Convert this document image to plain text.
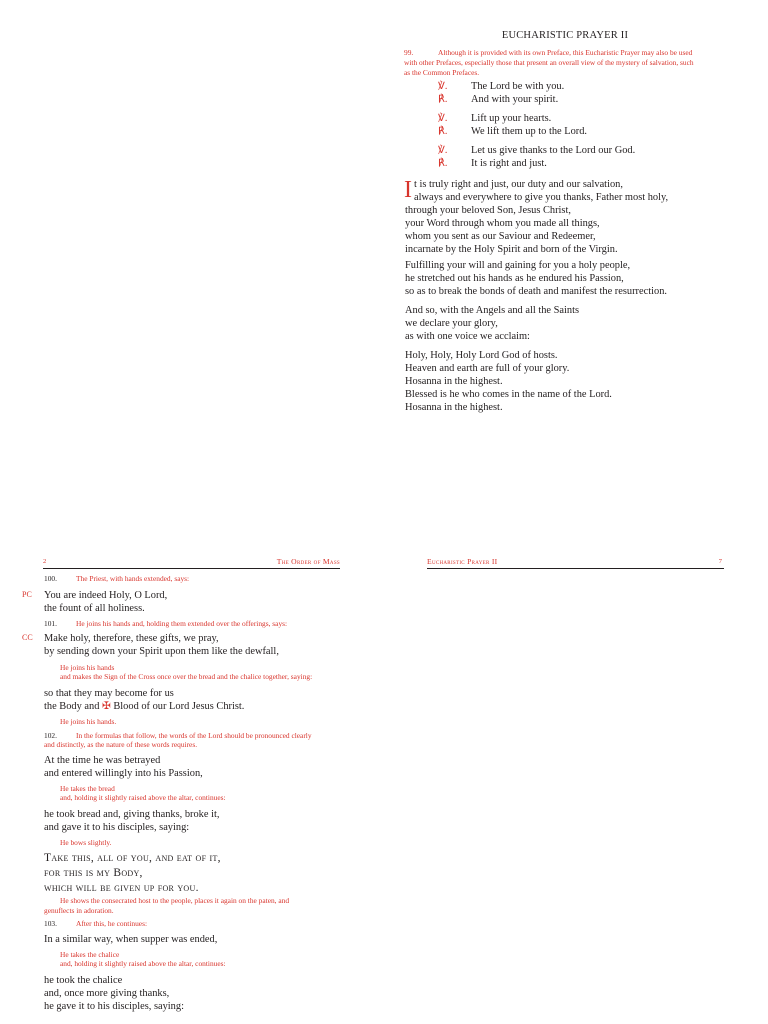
EUCHARISTIC PRAYER II
99.	Although it is provided with its own Preface, this Eucharistic Prayer may also be used
with other Prefaces, especially those that present an overall view of the mystery of salvation, such
as the Common Prefaces.
℣. The Lord be with you.
℟. And with your spirit.
℣. Lift up your hearts.
℟. We lift them up to the Lord.
℣. Let us give thanks to the Lord our God.
℟. It is right and just.
I t is truly right and just, our duty and our salvation,
always and everywhere to give you thanks, Father most holy,
through your beloved Son, Jesus Christ,
your Word through whom you made all things,
whom you sent as our Saviour and Redeemer,
incarnate by the Holy Spirit and born of the Virgin.
Fulfilling your will and gaining for you a holy people,
he stretched out his hands as he endured his Passion,
so as to break the bonds of death and manifest the resurrection.
And so, with the Angels and all the Saints
we declare your glory,
as with one voice we acclaim:
Holy, Holy, Holy Lord God of hosts.
Heaven and earth are full of your glory.
Hosanna in the highest.
Blessed is he who comes in the name of the Lord.
Hosanna in the highest.
2	The Order of Mass
100.	The Priest, with hands extended, says:
You are indeed Holy, O Lord,
the fount of all holiness.
101.	He joins his hands and, holding them extended over the offerings, says:
Make holy, therefore, these gifts, we pray,
by sending down your Spirit upon them like the dewfall,
He joins his hands
and makes the Sign of the Cross once over the bread and the chalice together, saying:
so that they may become for us
the Body and ✠ Blood of our Lord Jesus Christ.
He joins his hands.
102.	In the formulas that follow, the words of the Lord should be pronounced clearly
and distinctly, as the nature of these words requires.
At the time he was betrayed
and entered willingly into his Passion,
He takes the bread
and, holding it slightly raised above the altar, continues:
he took bread and, giving thanks, broke it,
and gave it to his disciples, saying:
He bows slightly.
Take this, all of you, and eat of it,
for this is my Body,
which will be given up for you.
He shows the consecrated host to the people, places it again on the paten, and
genuflects in adoration.
103.	After this, he continues:
In a similar way, when supper was ended,
He takes the chalice
and, holding it slightly raised above the altar, continues:
he took the chalice
and, once more giving thanks,
he gave it to his disciples, saying:
PC
CC
Eucharistic Prayer II	7
